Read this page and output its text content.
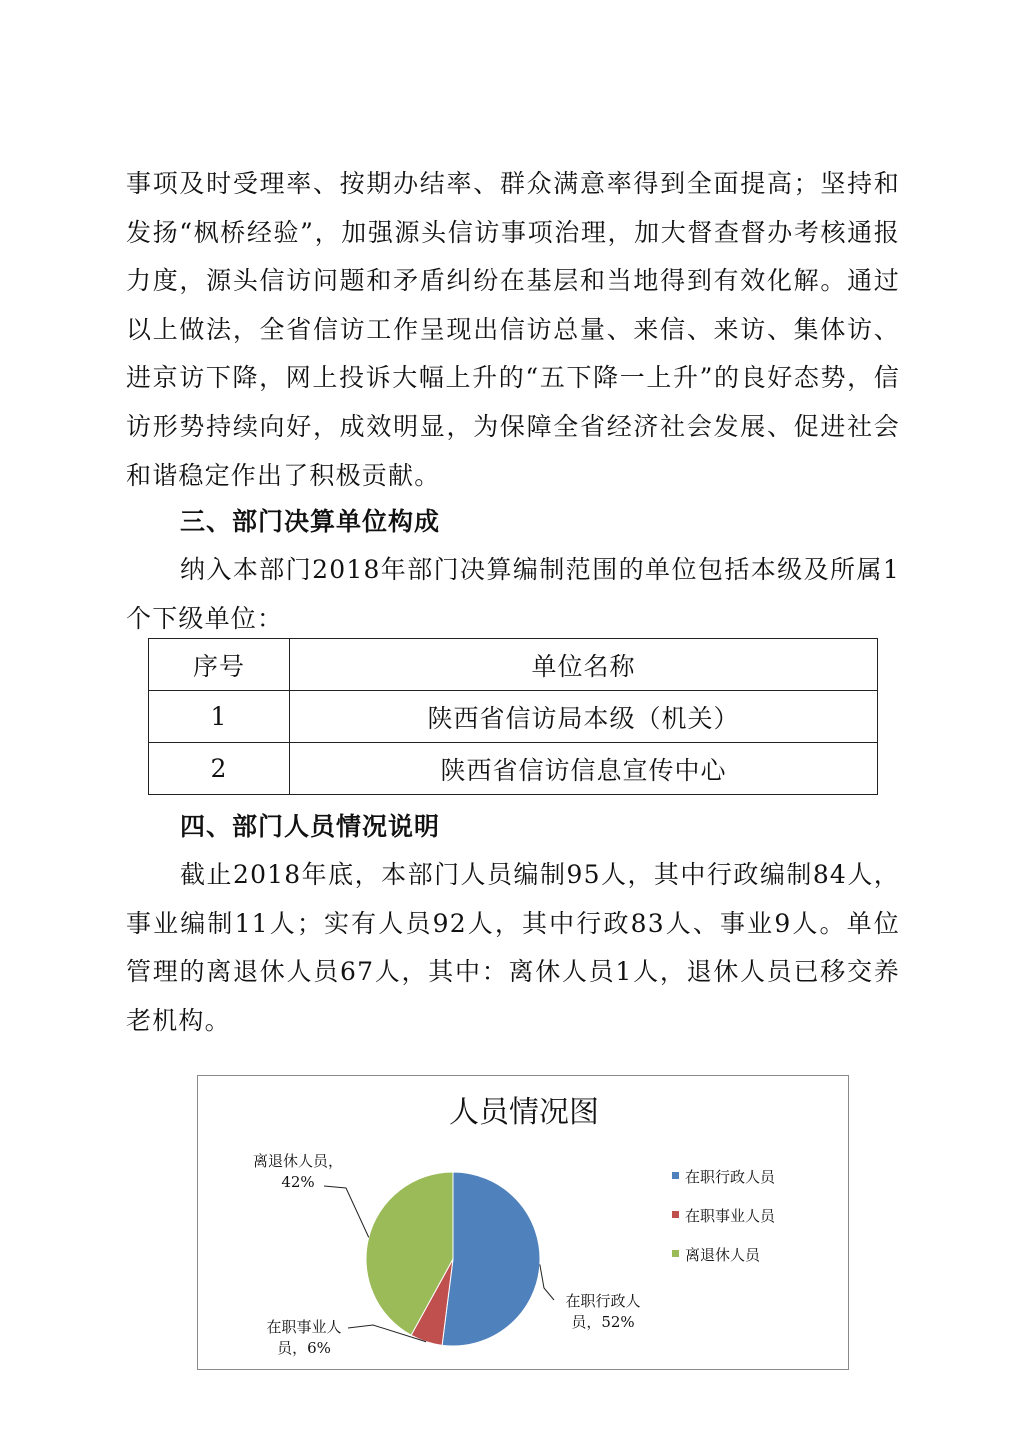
事项及时受理率、按期办结率、群众满意率得到全面提高；坚持和发扬“枫桥经验”，加强源头信访事项治理，加大督查督办考核通报力度，源头信访问题和矛盾纠纷在基层和当地得到有效化解。通过以上做法，全省信访工作呈现出信访总量、来信、来访、集体访、进京访下降，网上投诉大幅上升的“五下降一上升”的良好态势，信访形势持续向好，成效明显，为保障全省经济社会发展、促进社会和谐稳定作出了积极贡献。

三、部门决算单位构成

纳入本部门2018年部门决算编制范围的单位包括本级及所属1个下级单位：

序号	单位名称
1	陕西省信访局本级（机关）
2	陕西省信访信息宣传中心
四、部门人员情况说明

截止2018年底，本部门人员编制95人，其中行政编制84人，事业编制11人；实有人员92人，其中行政83人、事业9人。单位管理的离退休人员67人，其中：离休人员1人，退休人员已移交养老机构。

人员情况图
在职行政人
员，52%
在职事业人
员，6%
离退休人员，
42%	在职行政人员
在职事业人员
离退休人员
